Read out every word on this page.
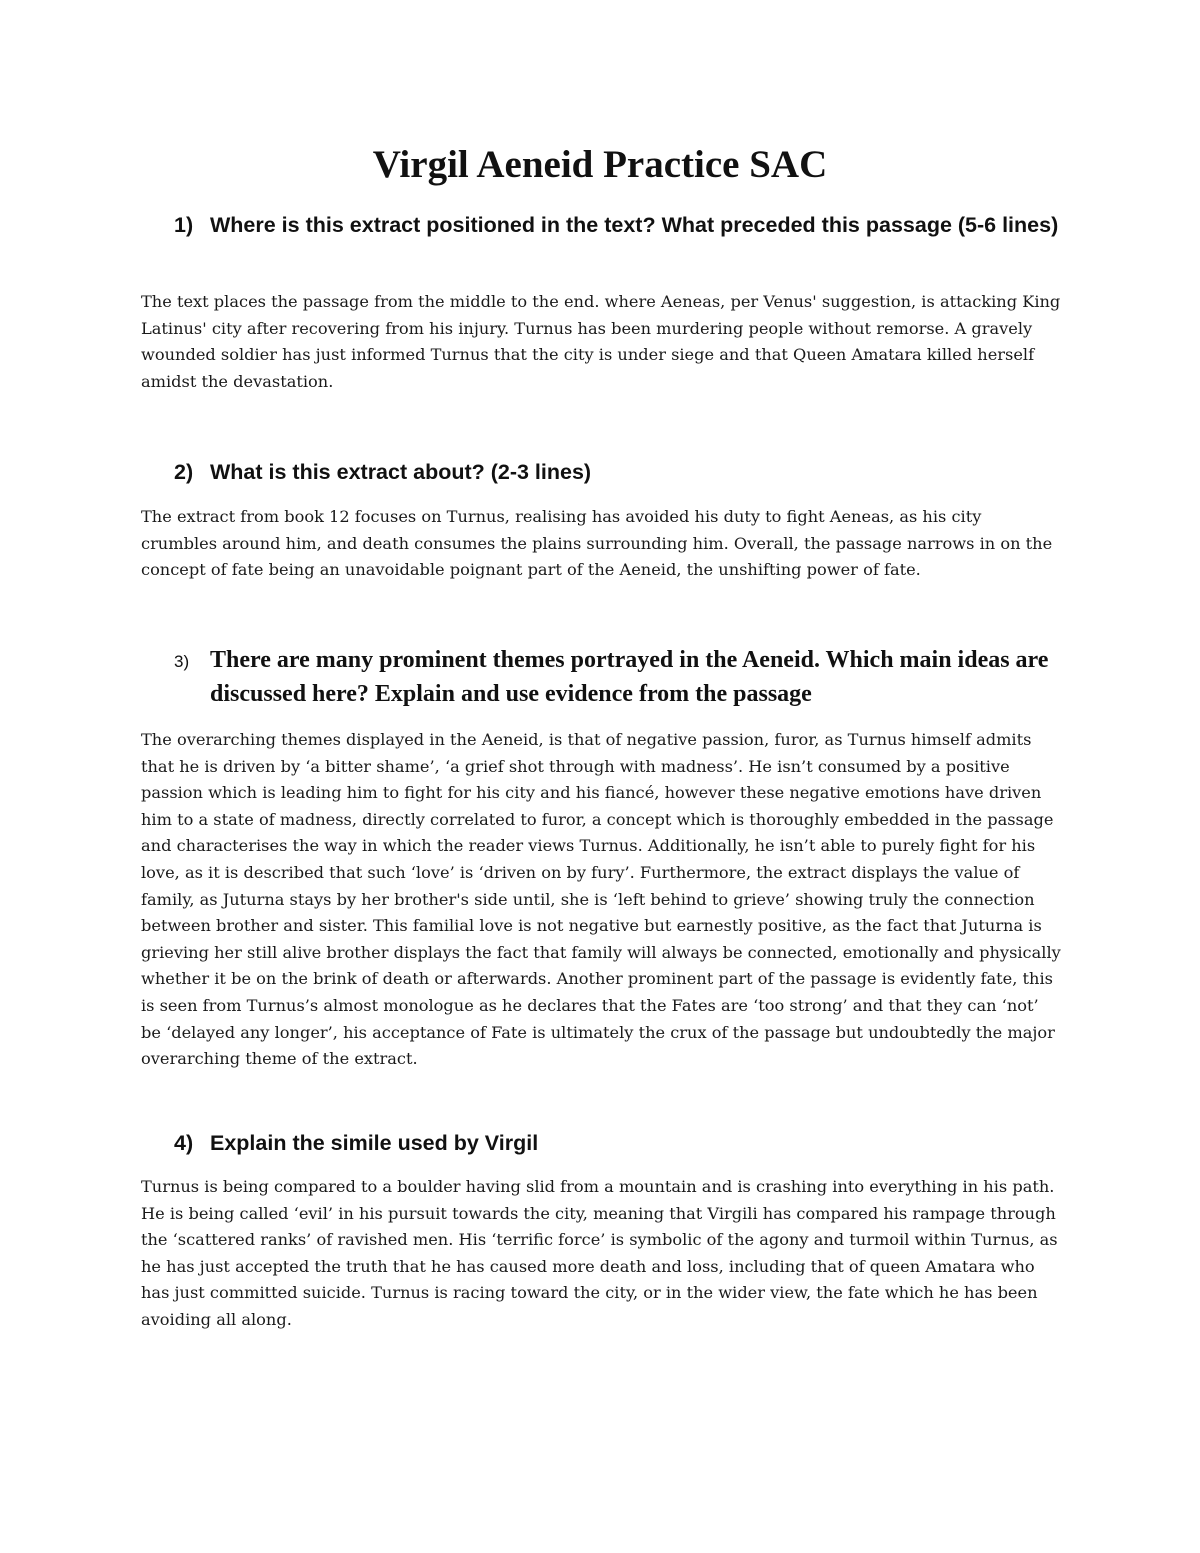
Virgil Aeneid Practice SAC
1) Where is this extract positioned in the text? What preceded this passage (5-6 lines)

The text places the passage from the middle to the end. where Aeneas, per Venus' suggestion, is attacking King Latinus' city after recovering from his injury. Turnus has been murdering people without remorse. A gravely wounded soldier has just informed Turnus that the city is under siege and that Queen Amatara killed herself amidst the devastation.

2) What is this extract about? (2-3 lines)

The extract from book 12 focuses on Turnus, realising has avoided his duty to fight Aeneas, as his city crumbles around him, and death consumes the plains surrounding him. Overall, the passage narrows in on the concept of fate being an unavoidable poignant part of the Aeneid, the unshifting power of fate.

3) There are many prominent themes portrayed in the Aeneid. Which main ideas are discussed here? Explain and use evidence from the passage

The overarching themes displayed in the Aeneid, is that of negative passion, furor, as Turnus himself admits that he is driven by ‘a bitter shame’, ‘a grief shot through with madness’. He isn’t consumed by a positive passion which is leading him to fight for his city and his fiancé, however these negative emotions have driven him to a state of madness, directly correlated to furor, a concept which is thoroughly embedded in the passage and characterises the way in which the reader views Turnus. Additionally, he isn’t able to purely fight for his love, as it is described that such ‘love’ is ‘driven on by fury’. Furthermore, the extract displays the value of family, as Juturna stays by her brother's side until, she is ‘left behind to grieve’ showing truly the connection between brother and sister. This familial love is not negative but earnestly positive, as the fact that Juturna is grieving her still alive brother displays the fact that family will always be connected, emotionally and physically whether it be on the brink of death or afterwards. Another prominent part of the passage is evidently fate, this is seen from Turnus’s almost monologue as he declares that the Fates are ‘too strong’ and that they can ‘not’ be ‘delayed any longer’, his acceptance of Fate is ultimately the crux of the passage but undoubtedly the major overarching theme of the extract.

4) Explain the simile used by Virgil

Turnus is being compared to a boulder having slid from a mountain and is crashing into everything in his path. He is being called ‘evil’ in his pursuit towards the city, meaning that Virgili has compared his rampage through the ‘scattered ranks’ of ravished men. His ‘terrific force’ is symbolic of the agony and turmoil within Turnus, as he has just accepted the truth that he has caused more death and loss, including that of queen Amatara who has just committed suicide. Turnus is racing toward the city, or in the wider view, the fate which he has been avoiding all along.
